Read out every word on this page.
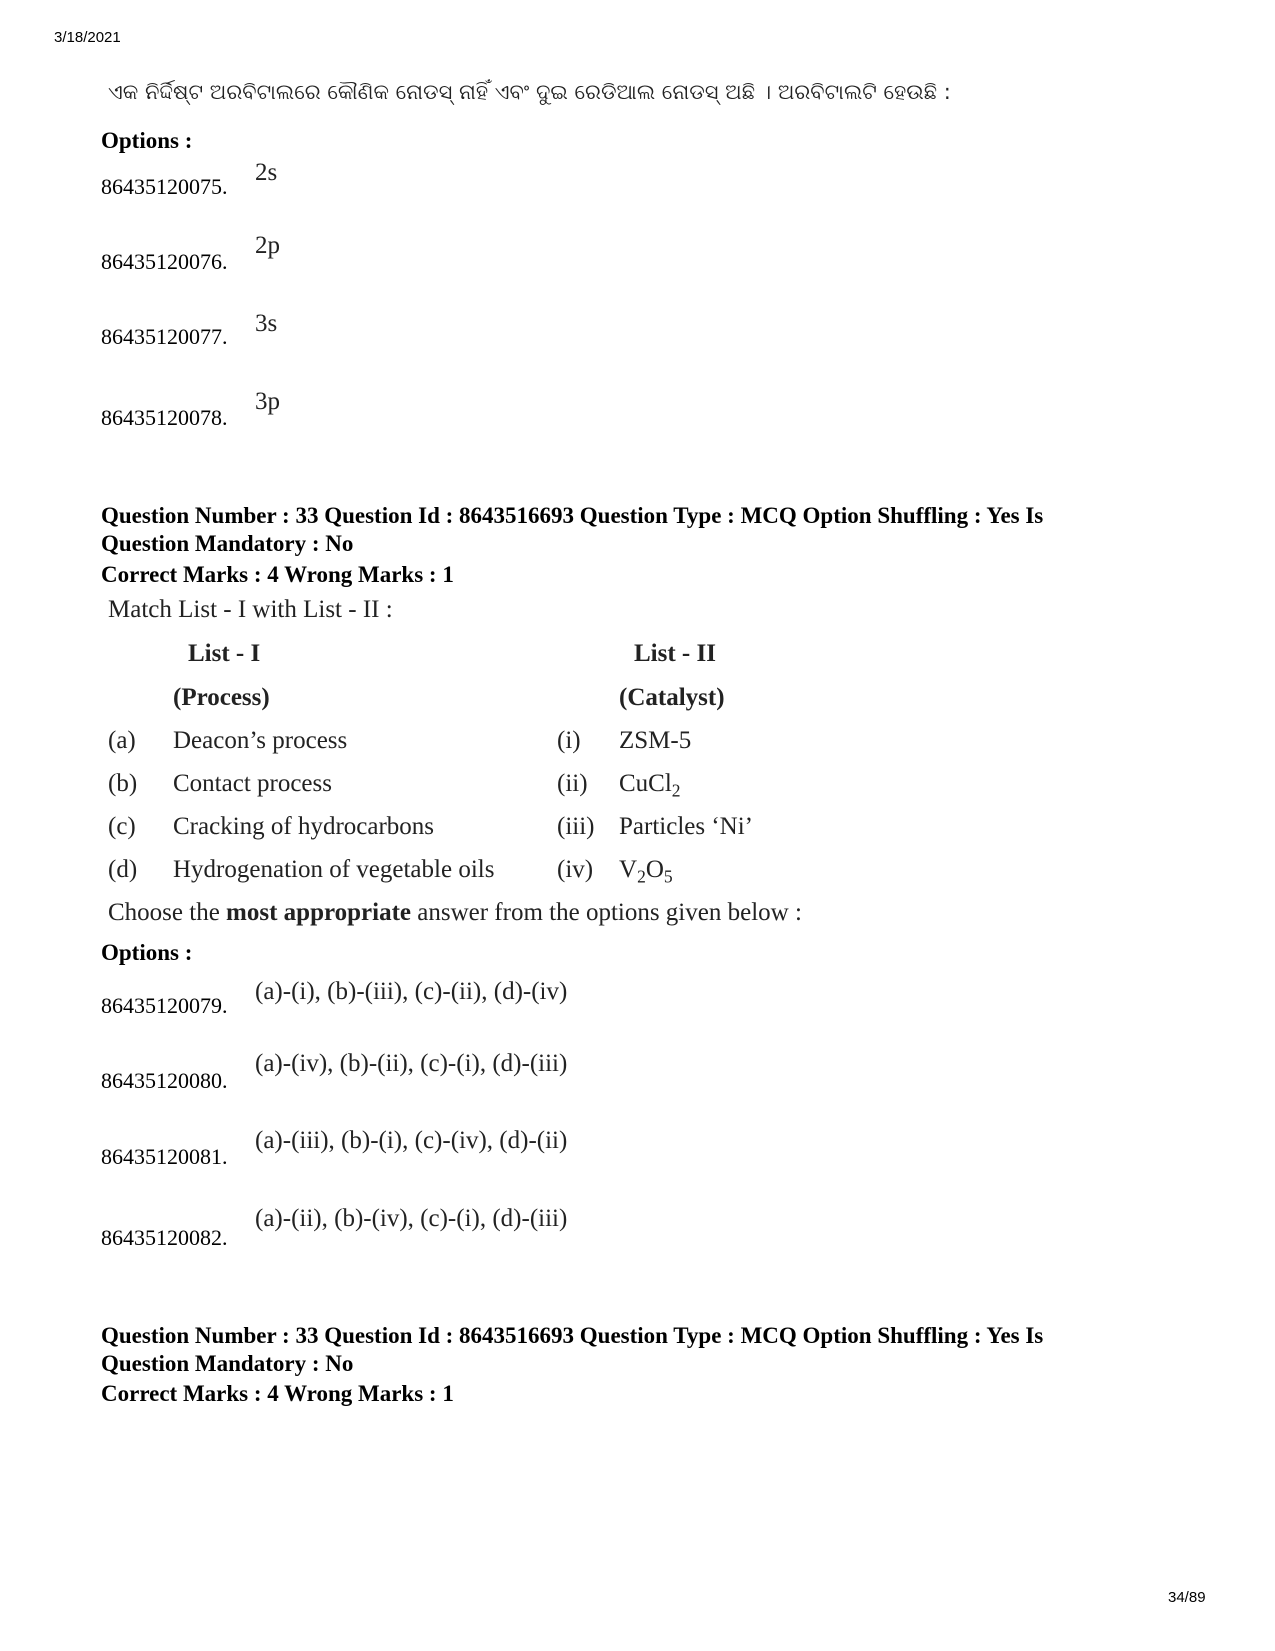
3/18/2021
34/89
ଏକ ନିର୍ଦ୍ଦିଷ୍ଟ ଅରବିଟାଲରେ କୌଣିକ ନୋଡସ୍ ନାହିଁ ଏବଂ ଦୁଇ ରେଡିଆଲ ନୋଡସ୍ ଅଛି । ଅରବିଟାଲଟି ହେଉଛି :
Options :
86435120075.
2s
86435120076.
2p
86435120077. 3s
86435120078.
3p
Question Number : 33 Question Id : 8643516693 Question Type : MCQ Option Shuffling : Yes Is
Question Mandatory : No
Correct Marks : 4 Wrong Marks : 1
Match List - I with List - II :
List - I	List - II
(Process)	(Catalyst)
(a) Deacon’s process	(i) ZSM-5
(b) Contact process	(ii) CuCl$_2$
(c) Cracking of hydrocarbons	(iii) Particles ‘Ni’
(d) Hydrogenation of vegetable oils	(iv) $V_2O_5$
Choose the most appropriate answer from the options given below :
Options :
86435120079.
(a)-(i), (b)-(iii), (c)-(ii), (d)-(iv)
86435120080.
(a)-(iv), (b)-(ii), (c)-(i), (d)-(iii)
86435120081.
(a)-(iii), (b)-(i), (c)-(iv), (d)-(ii)
86435120082.
(a)-(ii), (b)-(iv), (c)-(i), (d)-(iii)
Question Number : 33 Question Id : 8643516693 Question Type : MCQ Option Shuffling : Yes Is
Question Mandatory : No
Correct Marks : 4 Wrong Marks : 1
